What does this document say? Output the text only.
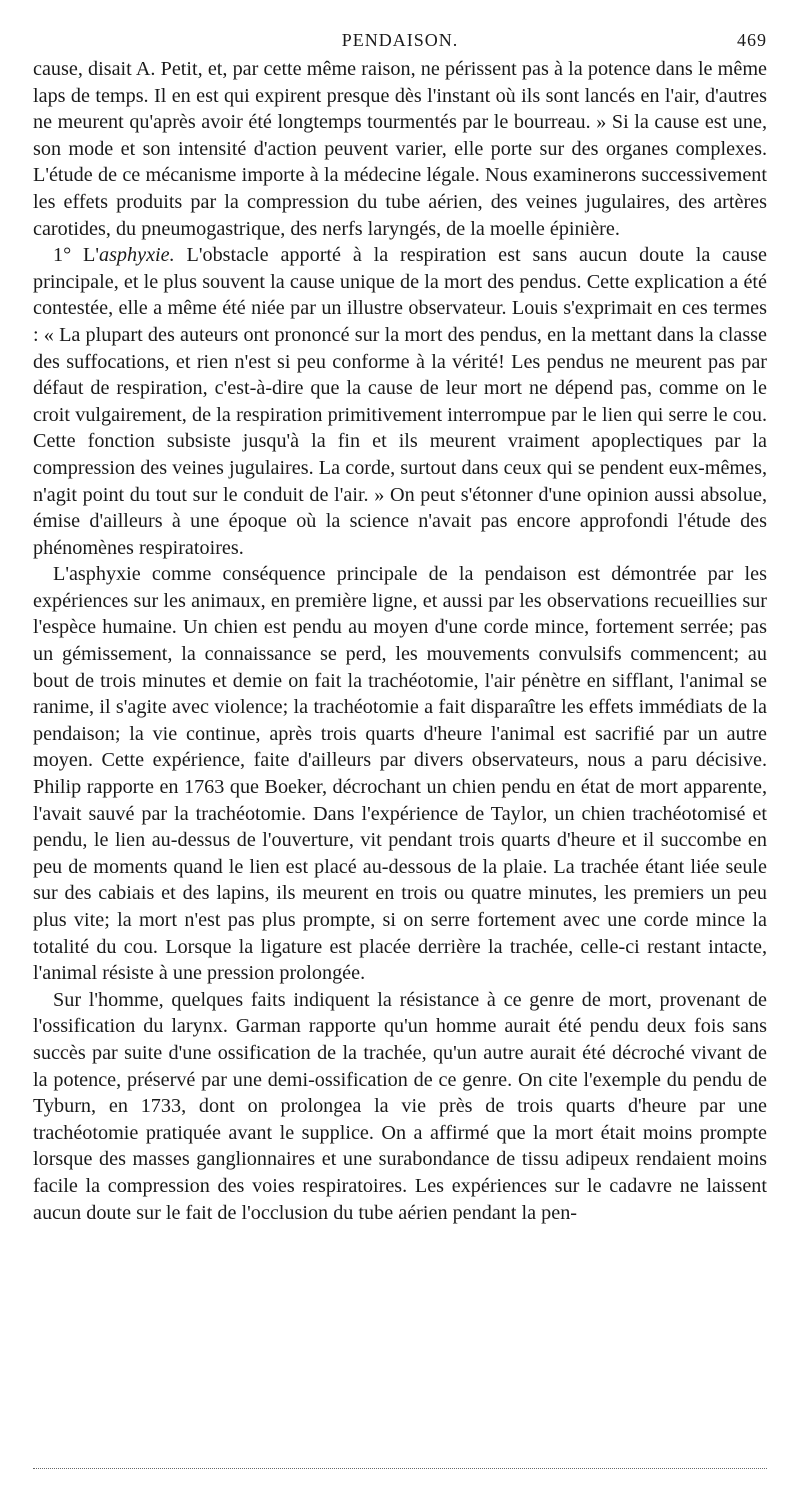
PENDAISON.	469

cause, disait A. Petit, et, par cette même raison, ne périssent pas à la potence dans le même laps de temps. Il en est qui expirent presque dès l'instant où ils sont lancés en l'air, d'autres ne meurent qu'après avoir été longtemps tourmentés par le bourreau. » Si la cause est une, son mode et son intensité d'action peuvent varier, elle porte sur des organes complexes. L'étude de ce mécanisme importe à la médecine légale. Nous examinerons successivement les effets produits par la compression du tube aérien, des veines jugulaires, des artères carotides, du pneumogastrique, des nerfs laryngés, de la moelle épinière.

1° L'asphyxie. L'obstacle apporté à la respiration est sans aucun doute la cause principale, et le plus souvent la cause unique de la mort des pendus. Cette explication a été contestée, elle a même été niée par un illustre observateur. Louis s'exprimait en ces termes : « La plupart des auteurs ont prononcé sur la mort des pendus, en la mettant dans la classe des suffocations, et rien n'est si peu conforme à la vérité! Les pendus ne meurent pas par défaut de respiration, c'est-à-dire que la cause de leur mort ne dépend pas, comme on le croit vulgairement, de la respiration primitivement interrompue par le lien qui serre le cou. Cette fonction subsiste jusqu'à la fin et ils meurent vraiment apoplectiques par la compression des veines jugulaires. La corde, surtout dans ceux qui se pendent eux-mêmes, n'agit point du tout sur le conduit de l'air. » On peut s'étonner d'une opinion aussi absolue, émise d'ailleurs à une époque où la science n'avait pas encore approfondi l'étude des phénomènes respiratoires.

L'asphyxie comme conséquence principale de la pendaison est démontrée par les expériences sur les animaux, en première ligne, et aussi par les observations recueillies sur l'espèce humaine. Un chien est pendu au moyen d'une corde mince, fortement serrée; pas un gémissement, la connaissance se perd, les mouvements convulsifs commencent; au bout de trois minutes et demie on fait la trachéotomie, l'air pénètre en sifflant, l'animal se ranime, il s'agite avec violence; la trachéotomie a fait disparaître les effets immédiats de la pendaison; la vie continue, après trois quarts d'heure l'animal est sacrifié par un autre moyen. Cette expérience, faite d'ailleurs par divers observateurs, nous a paru décisive. Philip rapporte en 1763 que Boeker, décrochant un chien pendu en état de mort apparente, l'avait sauvé par la trachéotomie. Dans l'expérience de Taylor, un chien trachéotomisé et pendu, le lien au-dessus de l'ouverture, vit pendant trois quarts d'heure et il succombe en peu de moments quand le lien est placé au-dessous de la plaie. La trachée étant liée seule sur des cabiais et des lapins, ils meurent en trois ou quatre minutes, les premiers un peu plus vite; la mort n'est pas plus prompte, si on serre fortement avec une corde mince la totalité du cou. Lorsque la ligature est placée derrière la trachée, celle-ci restant intacte, l'animal résiste à une pression prolongée.

Sur l'homme, quelques faits indiquent la résistance à ce genre de mort, provenant de l'ossification du larynx. Garman rapporte qu'un homme aurait été pendu deux fois sans succès par suite d'une ossification de la trachée, qu'un autre aurait été décroché vivant de la potence, préservé par une demi-ossification de ce genre. On cite l'exemple du pendu de Tyburn, en 1733, dont on prolongea la vie près de trois quarts d'heure par une trachéotomie pratiquée avant le supplice. On a affirmé que la mort était moins prompte lorsque des masses ganglionnaires et une surabondance de tissu adipeux rendaient moins facile la compression des voies respiratoires. Les expériences sur le cadavre ne laissent aucun doute sur le fait de l'occlusion du tube aérien pendant la pen-
